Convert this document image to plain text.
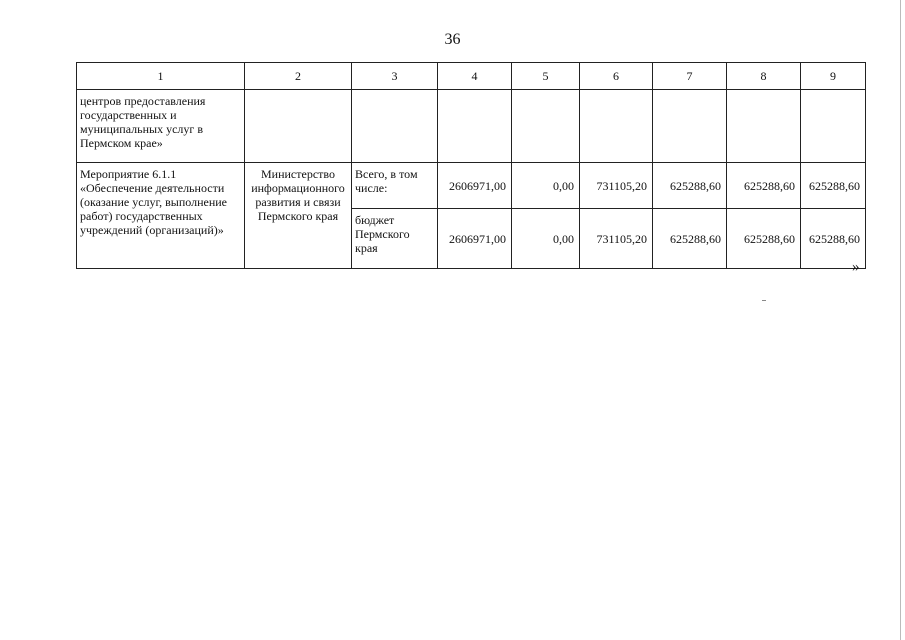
36
1	2	3	4	5	6	7	8	9
центров предоставления государственных и муниципальных услуг в Пермском крае»								
Мероприятие 6.1.1 «Обеспечение деятельности (оказание услуг, выполнение работ) государственных учреждений (организаций)»	Министерство информационного развития и связи Пермского края	Всего, в том числе:	2606971,00	0,00	731105,20	625288,60	625288,60	625288,60
		бюджет Пермского края	2606971,00	0,00	731105,20	625288,60	625288,60	625288,60
»
